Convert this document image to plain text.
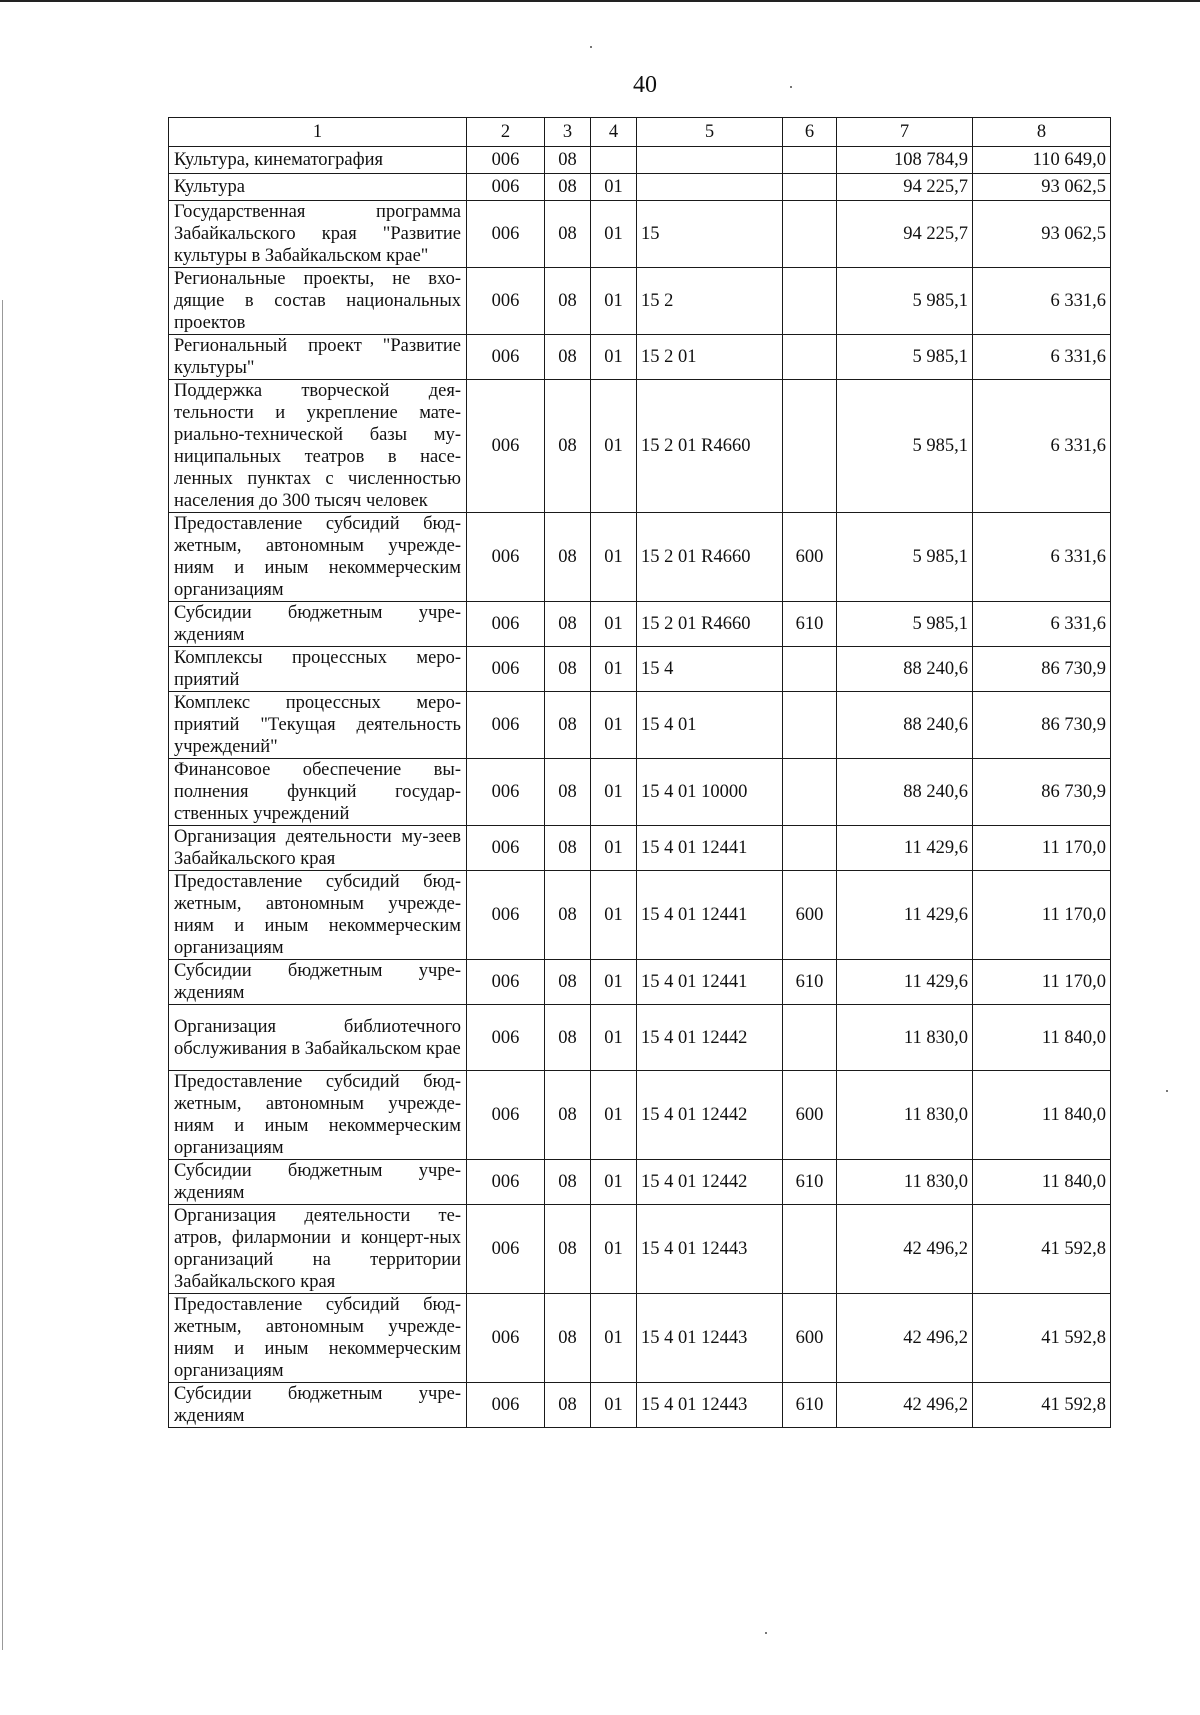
40
1	2	3	4	5	6	7	8
Культура, кинематография	006	08				108 784,9	110 649,0
Культура	006	08	01			94 225,7	93 062,5
Государственная программа Забайкальского края "Развитие культуры в Забайкальском крае"	006	08	01	15		94 225,7	93 062,5
Региональные проекты, не вхо-дящие в состав национальных проектов	006	08	01	15 2		5 985,1	6 331,6
Региональный проект "Развитие культуры"	006	08	01	15 2 01		5 985,1	6 331,6
Поддержка творческой дея-тельности и укрепление мате-риально-технической базы му-ниципальных театров в насе-ленных пунктах с численностью населения до 300 тысяч человек	006	08	01	15 2 01 R4660		5 985,1	6 331,6
Предоставление субсидий бюд-жетным, автономным учрежде-ниям и иным некоммерческим организациям	006	08	01	15 2 01 R4660	600	5 985,1	6 331,6
Субсидии бюджетным учре-ждениям	006	08	01	15 2 01 R4660	610	5 985,1	6 331,6
Комплексы процессных меро-приятий	006	08	01	15 4		88 240,6	86 730,9
Комплекс процессных меро-приятий "Текущая деятельность учреждений"	006	08	01	15 4 01		88 240,6	86 730,9
Финансовое обеспечение вы-полнения функций государ-ственных учреждений	006	08	01	15 4 01 10000		88 240,6	86 730,9
Организация деятельности му-зеев Забайкальского края	006	08	01	15 4 01 12441		11 429,6	11 170,0
Предоставление субсидий бюд-жетным, автономным учрежде-ниям и иным некоммерческим организациям	006	08	01	15 4 01 12441	600	11 429,6	11 170,0
Субсидии бюджетным учре-ждениям	006	08	01	15 4 01 12441	610	11 429,6	11 170,0
Организация библиотечного обслуживания в Забайкальском крае	006	08	01	15 4 01 12442		11 830,0	11 840,0
Предоставление субсидий бюд-жетным, автономным учрежде-ниям и иным некоммерческим организациям	006	08	01	15 4 01 12442	600	11 830,0	11 840,0
Субсидии бюджетным учре-ждениям	006	08	01	15 4 01 12442	610	11 830,0	11 840,0
Организация деятельности те-атров, филармонии и концерт-ных организаций на территории Забайкальского края	006	08	01	15 4 01 12443		42 496,2	41 592,8
Предоставление субсидий бюд-жетным, автономным учрежде-ниям и иным некоммерческим организациям	006	08	01	15 4 01 12443	600	42 496,2	41 592,8
Субсидии бюджетным учре-ждениям	006	08	01	15 4 01 12443	610	42 496,2	41 592,8
